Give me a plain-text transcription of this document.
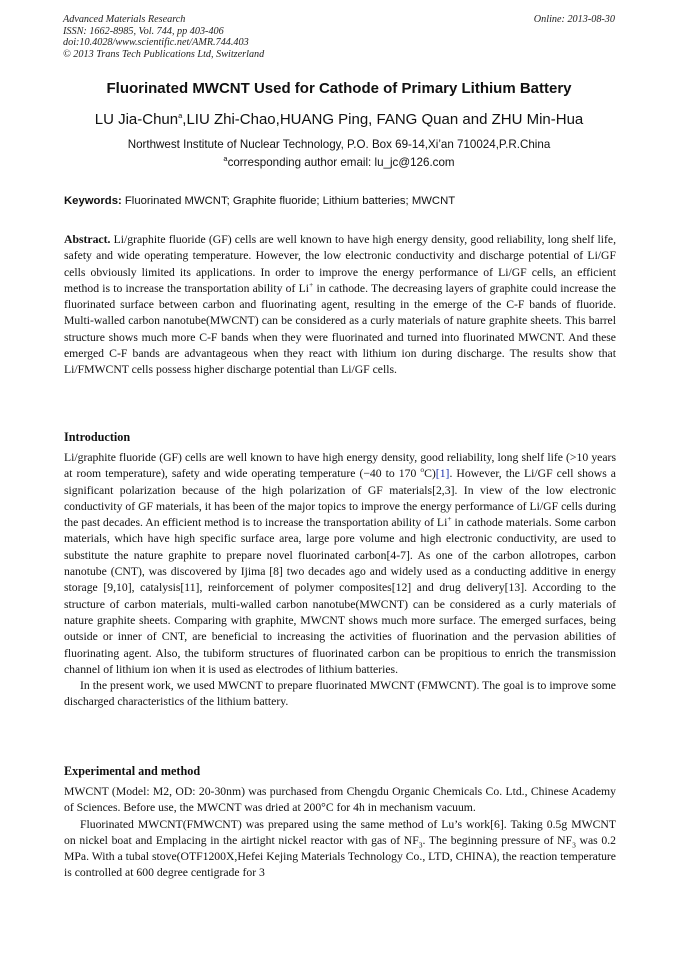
Advanced Materials Research
ISSN: 1662-8985, Vol. 744, pp 403-406
doi:10.4028/www.scientific.net/AMR.744.403
© 2013 Trans Tech Publications Ltd, Switzerland
Online: 2013-08-30
Fluorinated MWCNT Used for Cathode of Primary Lithium Battery
LU Jia-Chun$^a$,LIU Zhi-Chao,HUANG Ping, FANG Quan and ZHU Min-Hua
Northwest Institute of Nuclear Technology, P.O. Box 69-14,Xi’an 710024,P.R.China
$^a$corresponding author email: lu_jc@126.com
Keywords: Fluorinated MWCNT; Graphite fluoride; Lithium batteries; MWCNT

Abstract. Li/graphite fluoride (GF) cells are well known to have high energy density, good reliability, long shelf life, safety and wide operating temperature. However, the low electronic conductivity and discharge potential of Li/GF cells obviously limited its applications. In order to improve the energy performance of Li/GF cells, an efficient method is to increase the transportation ability of Li+ in cathode. The decreasing layers of graphite could increase the fluorinated surface between carbon and fluorinating agent, resulting in the emerge of the C-F bands of fluoride. Multi-walled carbon nanotube(MWCNT) can be considered as a curly materials of nature graphite sheets. This barrel structure shows much more C-F bands when they were fluorinated and turned into fluorinated MWCNT. And these emerged C-F bands are advantageous when they react with lithium ion during discharge. The results show that Li/FMWCNT cells possess higher discharge potential than Li/GF cells.

Introduction

Li/graphite fluoride (GF) cells are well known to have high energy density, good reliability, long shelf life (>10 years at room temperature), safety and wide operating temperature (−40 to 170 $^o$C)[1]. However, the Li/GF cell shows a significant polarization because of the high polarization of GF materials[2,3]. In view of the low electronic conductivity of GF materials, it has been of the major topics to improve the energy performance of Li/GF cells during the past decades. An efficient method is to increase the transportation ability of Li+ in cathode materials. Some carbon materials, which have high specific surface area, large pore volume and high electronic conductivity, are used to substitute the nature graphite to prepare novel fluorinated carbon[4-7]. As one of the carbon allotropes, carbon nanotube (CNT), was discovered by Ijima [8] two decades ago and widely used as a conducting additive in energy storage [9,10], catalysis[11], reinforcement of polymer composites[12] and drug delivery[13]. According to the structure of carbon materials, multi-walled carbon nanotube(MWCNT) can be considered as a curly materials of nature graphite sheets. Comparing with graphite, MWCNT shows much more surface. The emerged surfaces, being outside or inner of CNT, are beneficial to increasing the activities of fluorination and the pervasion abilities of fluorinating agent. Also, the tubiform structures of fluorinated carbon can be propitious to enrich the transmission channel of lithium ion when it is used as electrodes of lithium batteries.

In the present work, we used MWCNT to prepare fluorinated MWCNT (FMWCNT). The goal is to improve some discharged characteristics of the lithium battery.

Experimental and method

MWCNT (Model: M2, OD: 20-30nm) was purchased from Chengdu Organic Chemicals Co. Ltd., Chinese Academy of Sciences. Before use, the MWCNT was dried at 200°C for 4h in mechanism vacuum.

Fluorinated MWCNT(FMWCNT) was prepared using the same method of Lu’s work[6]. Taking 0.5g MWCNT on nickel boat and Emplacing in the airtight nickel reactor with gas of $NF_3$. The beginning pressure of $NF_3$ was 0.2 MPa. With a tubal stove(OTF1200X,Hefei Kejing Materials Technology Co., LTD, CHINA), the reaction temperature is controlled at 600 degree centigrade for 3
